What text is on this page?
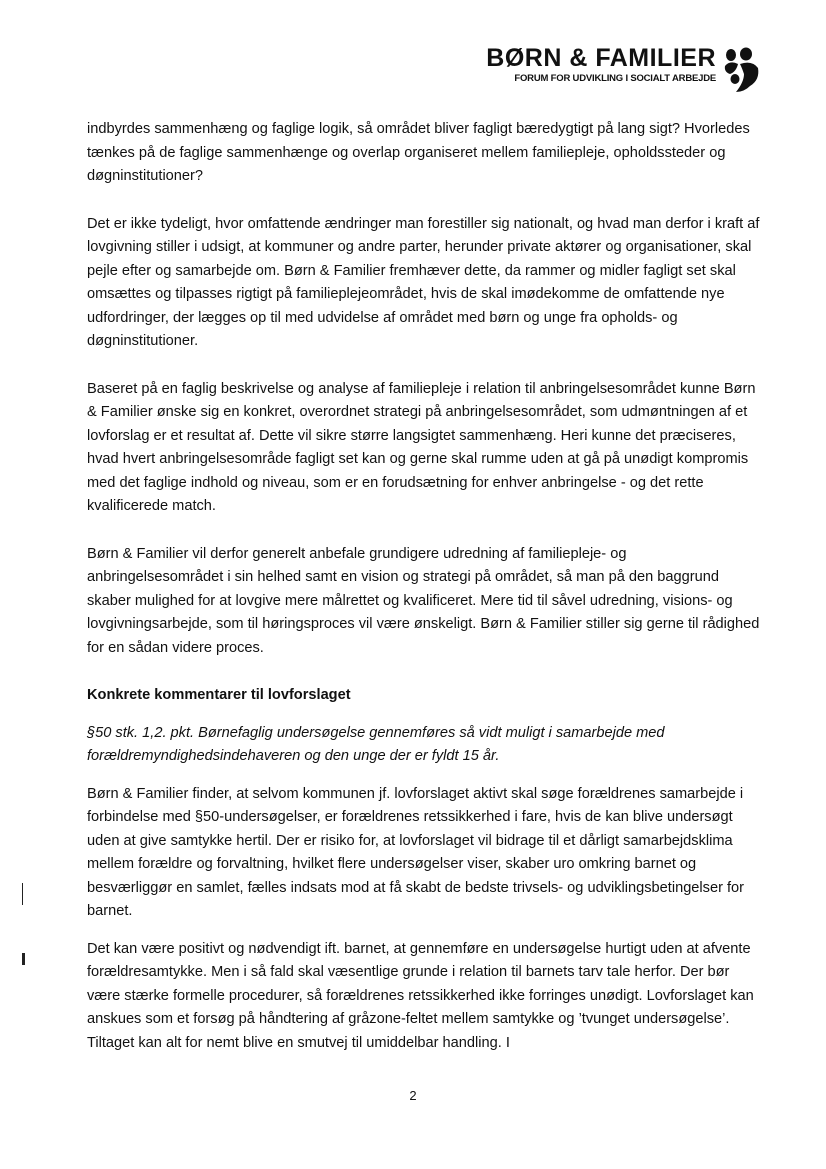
BØRN & FAMILIER
FORUM FOR UDVIKLING I SOCIALT ARBEJDE

indbyrdes sammenhæng og faglige logik, så området bliver fagligt bæredygtigt på lang sigt? Hvorledes tænkes på de faglige sammenhænge og overlap organiseret mellem familiepleje, opholdssteder og døgninstitutioner?

Det er ikke tydeligt, hvor omfattende ændringer man forestiller sig nationalt, og hvad man derfor i kraft af lovgivning stiller i udsigt, at kommuner og andre parter, herunder private aktører og organisationer, skal pejle efter og samarbejde om. Børn & Familier fremhæver dette, da rammer og midler fagligt set skal omsættes og tilpasses rigtigt på familieplejeområdet, hvis de skal imødekomme de omfattende nye udfordringer, der lægges op til med udvidelse af området med børn og unge fra opholds- og døgninstitutioner.

Baseret på en faglig beskrivelse og analyse af familiepleje i relation til anbringelsesområdet kunne Børn & Familier ønske sig en konkret, overordnet strategi på anbringelsesområdet, som udmøntningen af et lovforslag er et resultat af. Dette vil sikre større langsigtet sammenhæng. Heri kunne det præciseres, hvad hvert anbringelsesområde fagligt set kan og gerne skal rumme uden at gå på unødigt kompromis med det faglige indhold og niveau, som er en forudsætning for enhver anbringelse - og det rette kvalificerede match.

Børn & Familier vil derfor generelt anbefale grundigere udredning af familiepleje- og anbringelsesområdet i sin helhed samt en vision og strategi på området, så man på den baggrund skaber mulighed for at lovgive mere målrettet og kvalificeret. Mere tid til såvel udredning, visions- og lovgivningsarbejde, som til høringsproces vil være ønskeligt. Børn & Familier stiller sig gerne til rådighed for en sådan videre proces.

Konkrete kommentarer til lovforslaget

§50 stk. 1,2. pkt. Børnefaglig undersøgelse gennemføres så vidt muligt i samarbejde med forældremyndighedsindehaveren og den unge der er fyldt 15 år.

Børn & Familier finder, at selvom kommunen jf. lovforslaget aktivt skal søge forældrenes samarbejde i forbindelse med §50-undersøgelser, er forældrenes retssikkerhed i fare, hvis de kan blive undersøgt uden at give samtykke hertil. Der er risiko for, at lovforslaget vil bidrage til et dårligt samarbejdsklima mellem forældre og forvaltning, hvilket flere undersøgelser viser, skaber uro omkring barnet og besværliggør en samlet, fælles indsats mod at få skabt de bedste trivsels- og udviklingsbetingelser for barnet.

Det kan være positivt og nødvendigt ift. barnet, at gennemføre en undersøgelse hurtigt uden at afvente forældresamtykke. Men i så fald skal væsentlige grunde i relation til barnets tarv tale herfor. Der bør være stærke formelle procedurer, så forældrenes retssikkerhed ikke forringes unødigt. Lovforslaget kan anskues som et forsøg på håndtering af gråzone-feltet mellem samtykke og ’tvunget undersøgelse’. Tiltaget kan alt for nemt blive en smutvej til umiddelbar handling. I

2
